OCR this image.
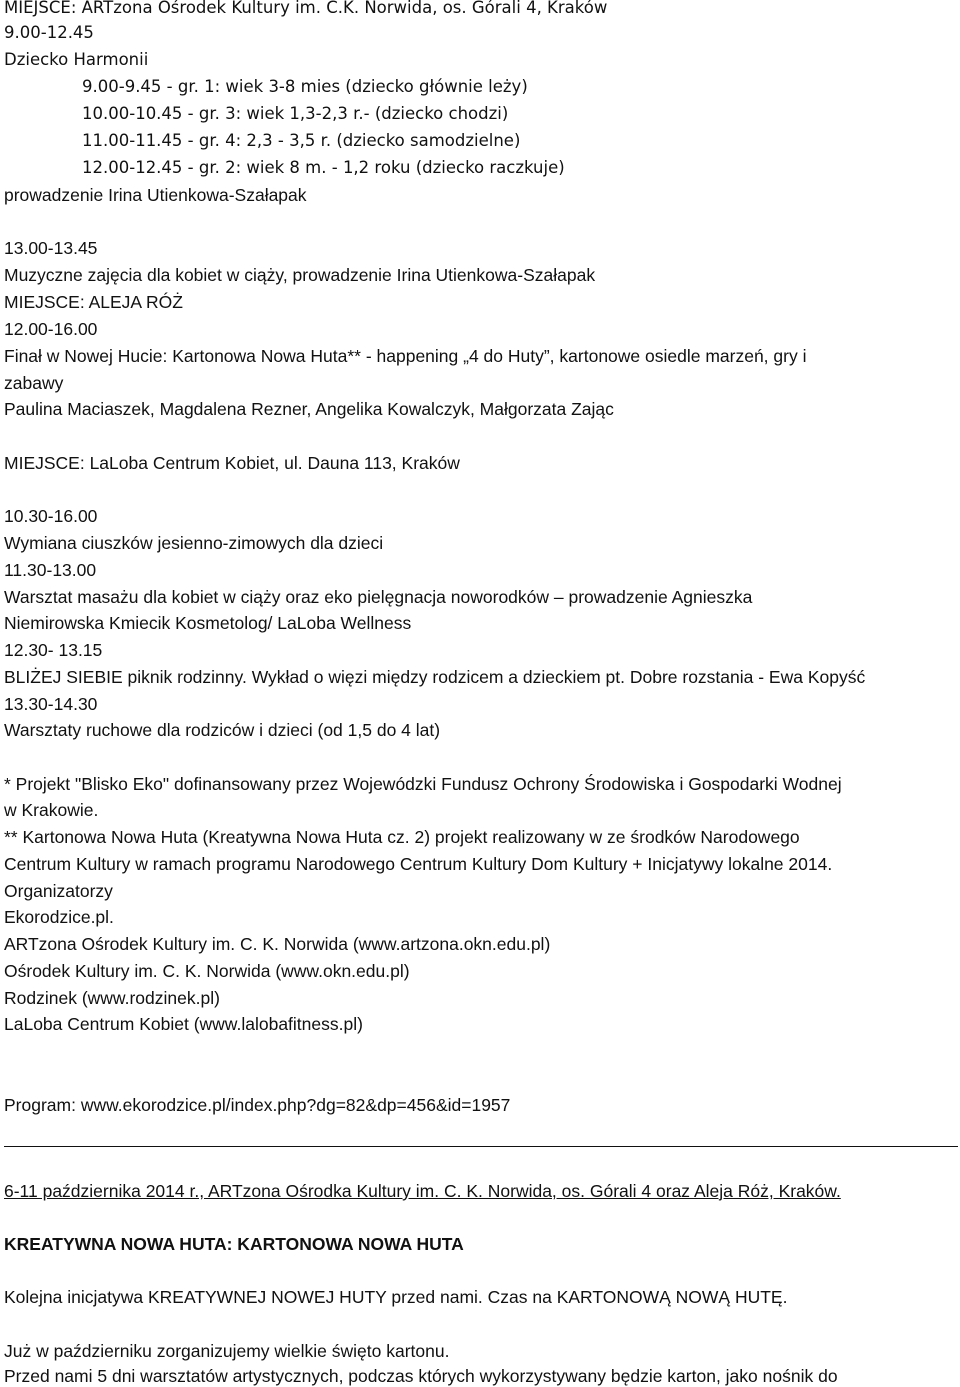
MIEJSCE: ARTzona Ośrodek Kultury im. C.K. Norwida, os. Górali 4, Kraków
9.00-12.45
Dziecko Harmonii
9.00-9.45 - gr. 1: wiek 3-8 mies (dziecko głównie leży)
10.00-10.45 - gr. 3: wiek 1,3-2,3 r.- (dziecko chodzi)
11.00-11.45 - gr. 4: 2,3 - 3,5 r. (dziecko samodzielne)
12.00-12.45 - gr. 2: wiek 8 m. - 1,2 roku (dziecko raczkuje)
prowadzenie Irina Utienkowa-Szałapak
13.00-13.45
Muzyczne zajęcia dla kobiet w ciąży, prowadzenie Irina Utienkowa-Szałapak
MIEJSCE: ALEJA RÓŻ
12.00-16.00
Finał w Nowej Hucie: Kartonowa Nowa Huta** - happening „4 do Huty”, kartonowe osiedle marzeń, gry i
zabawy
Paulina Maciaszek, Magdalena Rezner, Angelika Kowalczyk, Małgorzata Zając
MIEJSCE: LaLoba Centrum Kobiet, ul. Dauna 113, Kraków
10.30-16.00
Wymiana ciuszków jesienno-zimowych dla dzieci
11.30-13.00
Warsztat masażu dla kobiet w ciąży oraz eko pielęgnacja noworodków – prowadzenie Agnieszka
Niemirowska Kmiecik Kosmetolog/ LaLoba Wellness
12.30- 13.15
BLIŻEJ SIEBIE piknik rodzinny. Wykład o więzi między rodzicem a dzieckiem pt. Dobre rozstania - Ewa Kopyść
13.30-14.30
Warsztaty ruchowe dla rodziców i dzieci (od 1,5 do 4 lat)
* Projekt "Blisko Eko" dofinansowany przez Wojewódzki Fundusz Ochrony Środowiska i Gospodarki Wodnej
w Krakowie.
** Kartonowa Nowa Huta (Kreatywna Nowa Huta cz. 2) projekt realizowany w ze środków Narodowego
Centrum Kultury w ramach programu Narodowego Centrum Kultury Dom Kultury + Inicjatywy lokalne 2014.
Organizatorzy
Ekorodzice.pl.
ARTzona Ośrodek Kultury im. C. K. Norwida (www.artzona.okn.edu.pl)
Ośrodek Kultury im. C. K. Norwida (www.okn.edu.pl)
Rodzinek (www.rodzinek.pl)
LaLoba Centrum Kobiet (www.lalobafitness.pl)
Program: www.ekorodzice.pl/index.php?dg=82&dp=456&id=1957
6-11 października 2014 r., ARTzona Ośrodka Kultury im. C. K. Norwida, os. Górali 4 oraz Aleja Róż, Kraków.
KREATYWNA NOWA HUTA: KARTONOWA NOWA HUTA
Kolejna inicjatywa KREATYWNEJ NOWEJ HUTY przed nami. Czas na KARTONOWĄ NOWĄ HUTĘ.
Już w październiku zorganizujemy wielkie święto kartonu.
Przed nami 5 dni warsztatów artystycznych, podczas których wykorzystywany będzie karton, jako nośnik do
